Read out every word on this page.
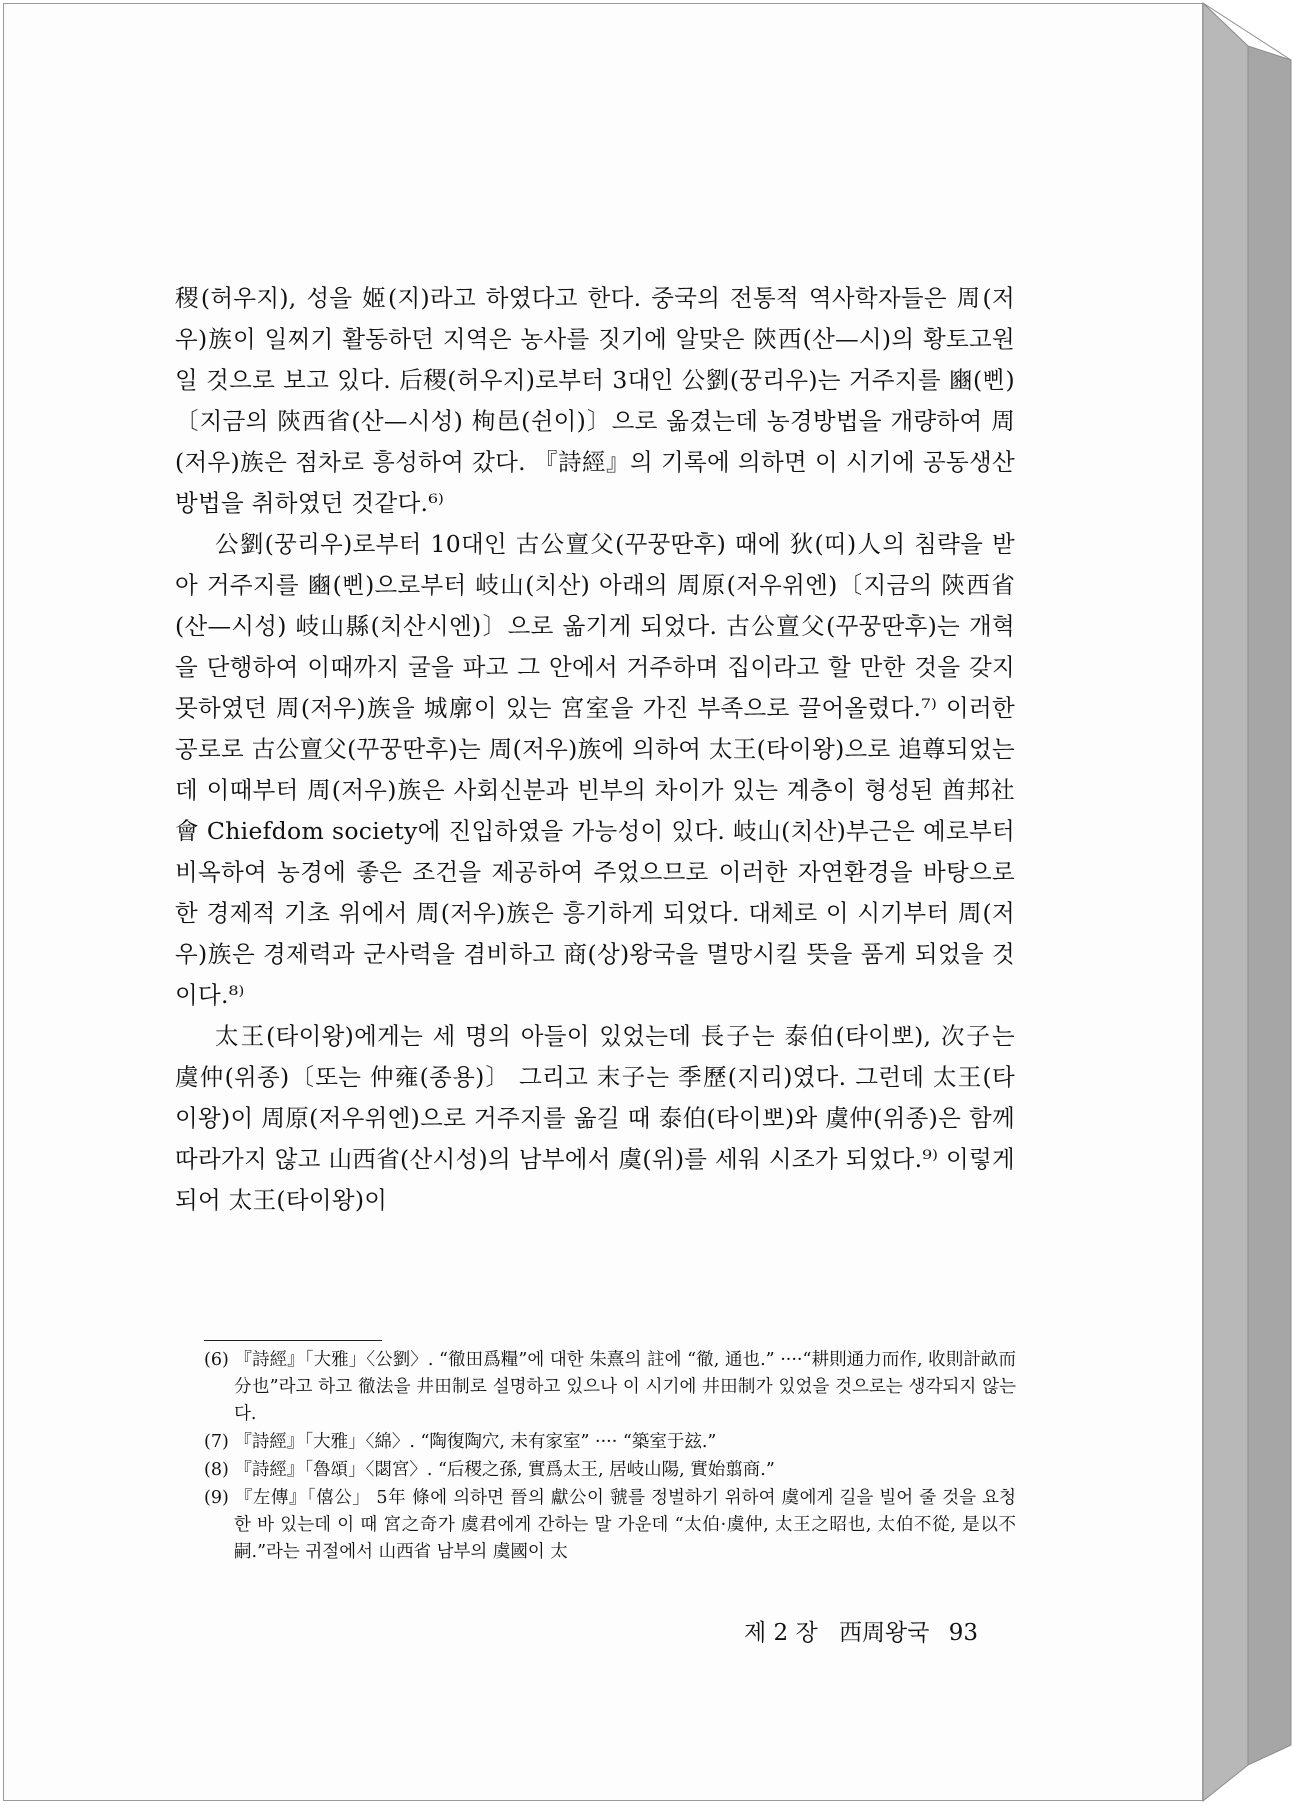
稷(허우지), 성을 姬(지)라고 하였다고 한다. 중국의 전통적 역사학자들은 周(저우)族이 일찌기 활동하던 지역은 농사를 짓기에 알맞은 陝西(산—시)의 황토고원일 것으로 보고 있다. 后稷(허우지)로부터 3대인 公劉(꿍리우)는 거주지를 豳(삔)〔지금의 陝西省(산—시성) 栒邑(쉰이)〕으로 옮겼는데 농경방법을 개량하여 周(저우)族은 점차로 흥성하여 갔다. 『詩經』의 기록에 의하면 이 시기에 공동생산방법을 취하였던 것같다.⁶⁾

公劉(꿍리우)로부터 10대인 古公亶父(꾸꿍딴후) 때에 狄(띠)人의 침략을 받아 거주지를 豳(삔)으로부터 岐山(치산) 아래의 周原(저우위엔)〔지금의 陝西省(산—시성) 岐山縣(치산시엔)〕으로 옮기게 되었다. 古公亶父(꾸꿍딴후)는 개혁을 단행하여 이때까지 굴을 파고 그 안에서 거주하며 집이라고 할 만한 것을 갖지 못하였던 周(저우)族을 城廓이 있는 宮室을 가진 부족으로 끌어올렸다.⁷⁾ 이러한 공로로 古公亶父(꾸꿍딴후)는 周(저우)族에 의하여 太王(타이왕)으로 追尊되었는데 이때부터 周(저우)族은 사회신분과 빈부의 차이가 있는 계층이 형성된 酋邦社會 Chiefdom society에 진입하였을 가능성이 있다. 岐山(치산)부근은 예로부터 비옥하여 농경에 좋은 조건을 제공하여 주었으므로 이러한 자연환경을 바탕으로 한 경제적 기초 위에서 周(저우)族은 흥기하게 되었다. 대체로 이 시기부터 周(저우)族은 경제력과 군사력을 겸비하고 商(상)왕국을 멸망시킬 뜻을 품게 되었을 것이다.⁸⁾

太王(타이왕)에게는 세 명의 아들이 있었는데 長子는 泰伯(타이뽀), 次子는 虞仲(위종)〔또는 仲雍(종용)〕 그리고 末子는 季歷(지리)였다. 그런데 太王(타이왕)이 周原(저우위엔)으로 거주지를 옮길 때 泰伯(타이뽀)와 虞仲(위종)은 함께 따라가지 않고 山西省(산시성)의 남부에서 虞(위)를 세워 시조가 되었다.⁹⁾ 이렇게 되어 太王(타이왕)이

(6) 『詩經』「大雅」〈公劉〉. “徹田爲糧”에 대한 朱熹의 註에 “徹, 通也.” ····“耕則通力而作, 收則計畝而分也”라고 하고 徹法을 井田制로 설명하고 있으나 이 시기에 井田制가 있었을 것으로는 생각되지 않는다.

(7) 『詩經』「大雅」〈綿〉. “陶復陶穴, 未有家室” ···· “築室于玆.”

(8) 『詩經』「魯頌」〈閟宮〉. “后稷之孫, 實爲太王, 居岐山陽, 實始翦商.”

(9) 『左傳』「僖公」 5年 條에 의하면 晉의 獻公이 虢를 정벌하기 위하여 虞에게 길을 빌어 줄 것을 요청한 바 있는데 이 때 宮之奇가 虞君에게 간하는 말 가운데 “太伯·虞仲, 太王之昭也, 太伯不從, 是以不嗣.”라는 귀절에서 山西省 남부의 虞國이 太

제 2 장 西周왕국 93
